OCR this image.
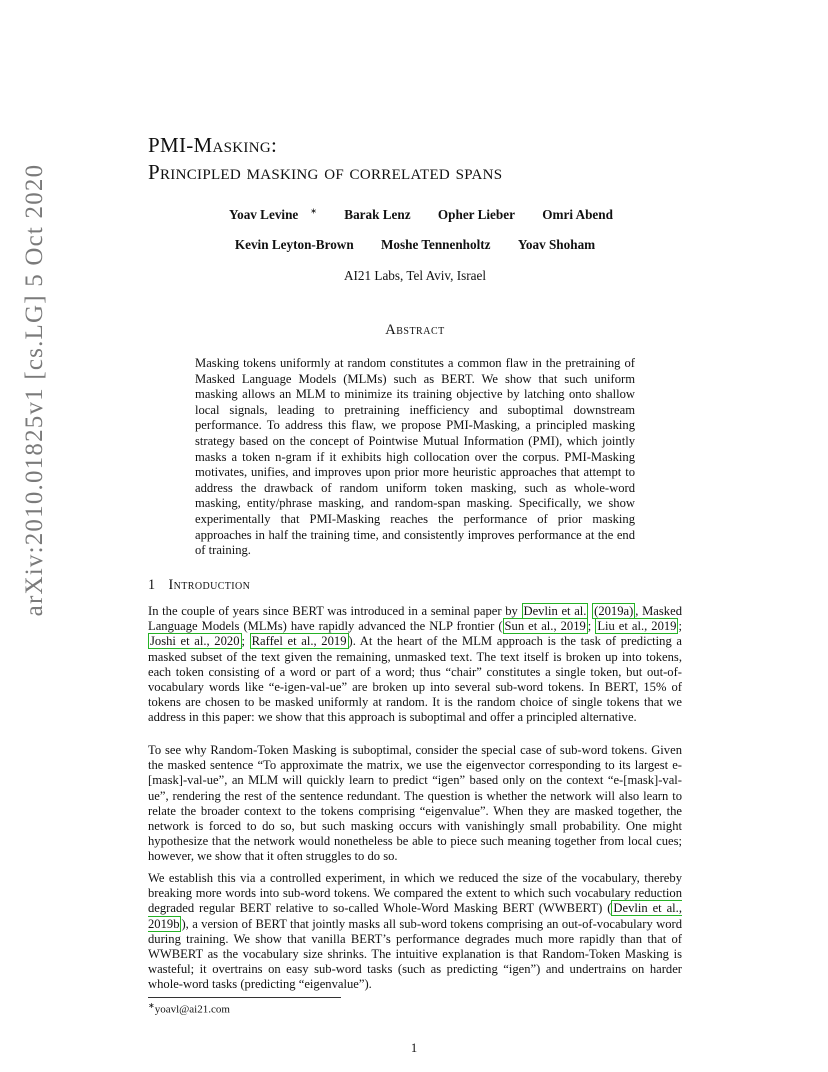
arXiv:2010.01825v1 [cs.LG] 5 Oct 2020
PMI-Masking:
Principled masking of correlated spans
Yoav Levine ∗ Barak Lenz Opher Lieber Omri Abend
Kevin Leyton-Brown Moshe Tennenholtz Yoav Shoham
AI21 Labs, Tel Aviv, Israel
Abstract
Masking tokens uniformly at random constitutes a common flaw in the pretraining of Masked Language Models (MLMs) such as BERT. We show that such uniform masking allows an MLM to minimize its training objective by latching onto shallow local signals, leading to pretraining inefficiency and suboptimal downstream performance. To address this flaw, we propose PMI-Masking, a principled masking strategy based on the concept of Pointwise Mutual Information (PMI), which jointly masks a token n-gram if it exhibits high collocation over the corpus. PMI-Masking motivates, unifies, and improves upon prior more heuristic approaches that attempt to address the drawback of random uniform token masking, such as whole-word masking, entity/phrase masking, and random-span masking. Specifically, we show experimentally that PMI-Masking reaches the performance of prior masking approaches in half the training time, and consistently improves performance at the end of training.
1 Introduction

In the couple of years since BERT was introduced in a seminal paper by Devlin et al. (2019a) , Masked Language Models (MLMs) have rapidly advanced the NLP frontier ( Sun et al., 2019 ; Liu et al., 2019 ; Joshi et al., 2020 ; Raffel et al., 2019 ). At the heart of the MLM approach is the task of predicting a masked subset of the text given the remaining, unmasked text. The text itself is broken up into tokens, each token consisting of a word or part of a word; thus “chair” constitutes a single token, but out-of-vocabulary words like “e-igen-val-ue” are broken up into several sub-word tokens. In BERT, 15% of tokens are chosen to be masked uniformly at random. It is the random choice of single tokens that we address in this paper: we show that this approach is suboptimal and offer a principled alternative.

To see why Random-Token Masking is suboptimal, consider the special case of sub-word tokens. Given the masked sentence “To approximate the matrix, we use the eigenvector corresponding to its largest e-[mask]-val-ue”, an MLM will quickly learn to predict “igen” based only on the context “e-[mask]-val-ue”, rendering the rest of the sentence redundant. The question is whether the network will also learn to relate the broader context to the tokens comprising “eigenvalue”. When they are masked together, the network is forced to do so, but such masking occurs with vanishingly small probability. One might hypothesize that the network would nonetheless be able to piece such meaning together from local cues; however, we show that it often struggles to do so.

We establish this via a controlled experiment, in which we reduced the size of the vocabulary, thereby breaking more words into sub-word tokens. We compared the extent to which such vocabulary reduction degraded regular BERT relative to so-called Whole-Word Masking BERT (WWBERT) ( Devlin et al., 2019b ), a version of BERT that jointly masks all sub-word tokens comprising an out-of-vocabulary word during training. We show that vanilla BERT’s performance degrades much more rapidly than that of WWBERT as the vocabulary size shrinks. The intuitive explanation is that Random-Token Masking is wasteful; it overtrains on easy sub-word tasks (such as predicting “igen”) and undertrains on harder whole-word tasks (predicting “eigenvalue”).

∗yoavl@ai21.com
1
